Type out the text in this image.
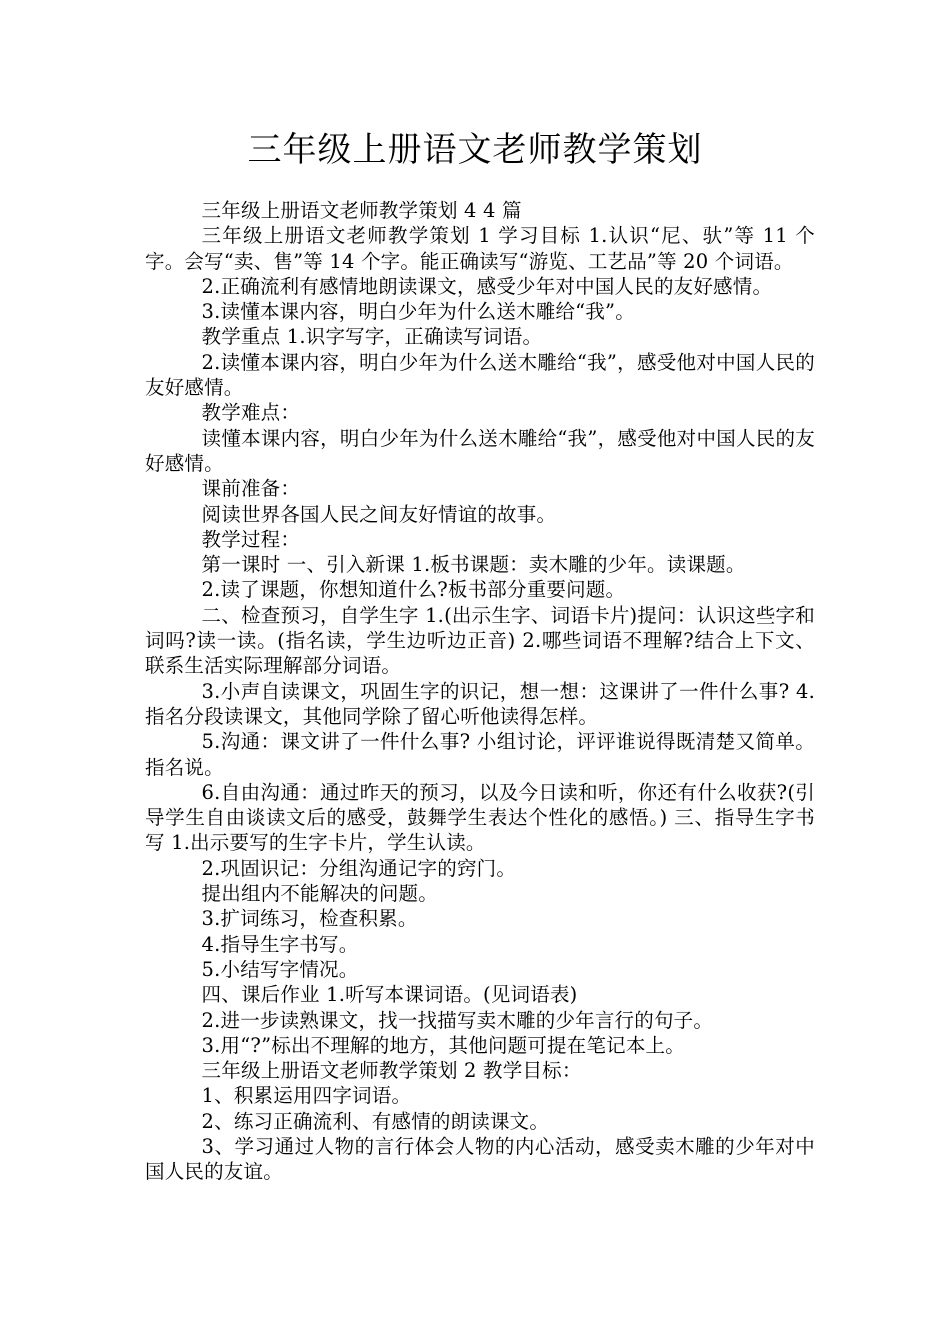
三年级上册语文老师教学策划

三年级上册语文老师教学策划 4 4 篇

三年级上册语文老师教学策划 1 学习目标 1.认识“尼、驮”等 11 个字。会写“卖、售”等 14 个字。能正确读写“游览、工艺品”等 20 个词语。

2.正确流利有感情地朗读课文，感受少年对中国人民的友好感情。

3.读懂本课内容，明白少年为什么送木雕给“我”。

教学重点 1.识字写字，正确读写词语。

2.读懂本课内容，明白少年为什么送木雕给“我”，感受他对中国人民的友好感情。

教学难点：

读懂本课内容，明白少年为什么送木雕给“我”，感受他对中国人民的友好感情。

课前准备：

阅读世界各国人民之间友好情谊的故事。

教学过程：

第一课时 一、引入新课 1.板书课题：卖木雕的少年。读课题。

2.读了课题，你想知道什么?板书部分重要问题。

二、检查预习，自学生字 1.(出示生字、词语卡片)提问：认识这些字和词吗?读一读。(指名读，学生边听边正音) 2.哪些词语不理解?结合上下文、联系生活实际理解部分词语。

3.小声自读课文，巩固生字的识记，想一想：这课讲了一件什么事? 4.指名分段读课文，其他同学除了留心听他读得怎样。

5.沟通：课文讲了一件什么事? 小组讨论，评评谁说得既清楚又简单。指名说。

6.自由沟通：通过昨天的预习，以及今日读和听，你还有什么收获?(引导学生自由谈读文后的感受，鼓舞学生表达个性化的感悟。) 三、指导生字书写 1.出示要写的生字卡片，学生认读。

2.巩固识记：分组沟通记字的窍门。

提出组内不能解决的问题。

3.扩词练习，检查积累。

4.指导生字书写。

5.小结写字情况。

四、课后作业 1.听写本课词语。(见词语表)

2.进一步读熟课文，找一找描写卖木雕的少年言行的句子。

3.用“?”标出不理解的地方，其他问题可提在笔记本上。

三年级上册语文老师教学策划 2 教学目标：

1、积累运用四字词语。

2、练习正确流利、有感情的朗读课文。

3、学习通过人物的言行体会人物的内心活动，感受卖木雕的少年对中国人民的友谊。
